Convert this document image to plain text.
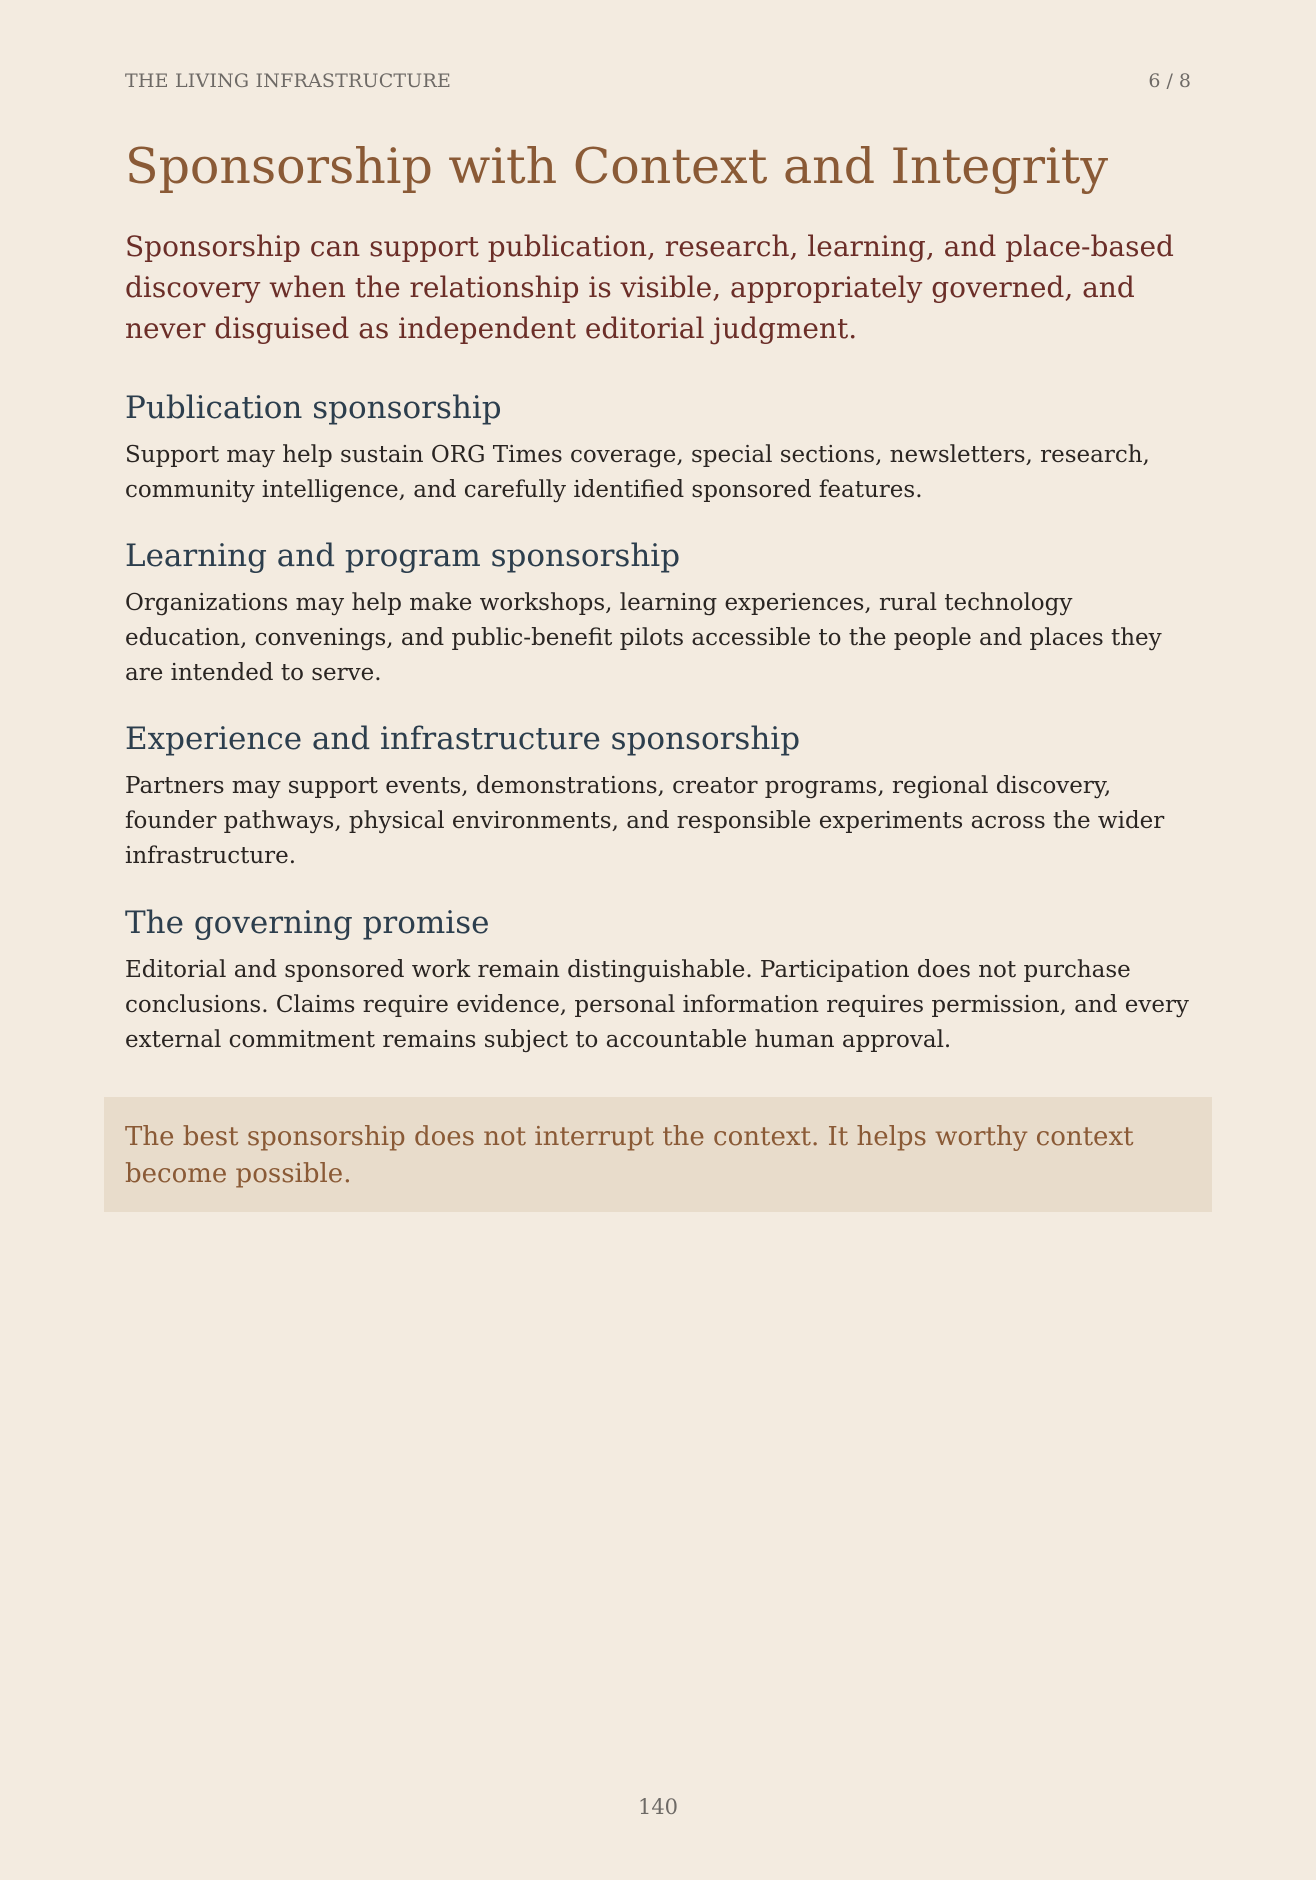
THE LIVING INFRASTRUCTURE	6 / 8
Sponsorship with Context and Integrity

Sponsorship can support publication, research, learning, and place-based discovery when the relationship is visible, appropriately governed, and never disguised as independent editorial judgment.

Publication sponsorship

Support may help sustain ORG Times coverage, special sections, newsletters, research, community intelligence, and carefully identified sponsored features.

Learning and program sponsorship

Organizations may help make workshops, learning experiences, rural technology education, convenings, and public-benefit pilots accessible to the people and places they are intended to serve.

Experience and infrastructure sponsorship

Partners may support events, demonstrations, creator programs, regional discovery, founder pathways, physical environments, and responsible experiments across the wider infrastructure.

The governing promise

Editorial and sponsored work remain distinguishable. Participation does not purchase conclusions. Claims require evidence, personal information requires permission, and every external commitment remains subject to accountable human approval.

The best sponsorship does not interrupt the context. It helps worthy context become possible.

140
